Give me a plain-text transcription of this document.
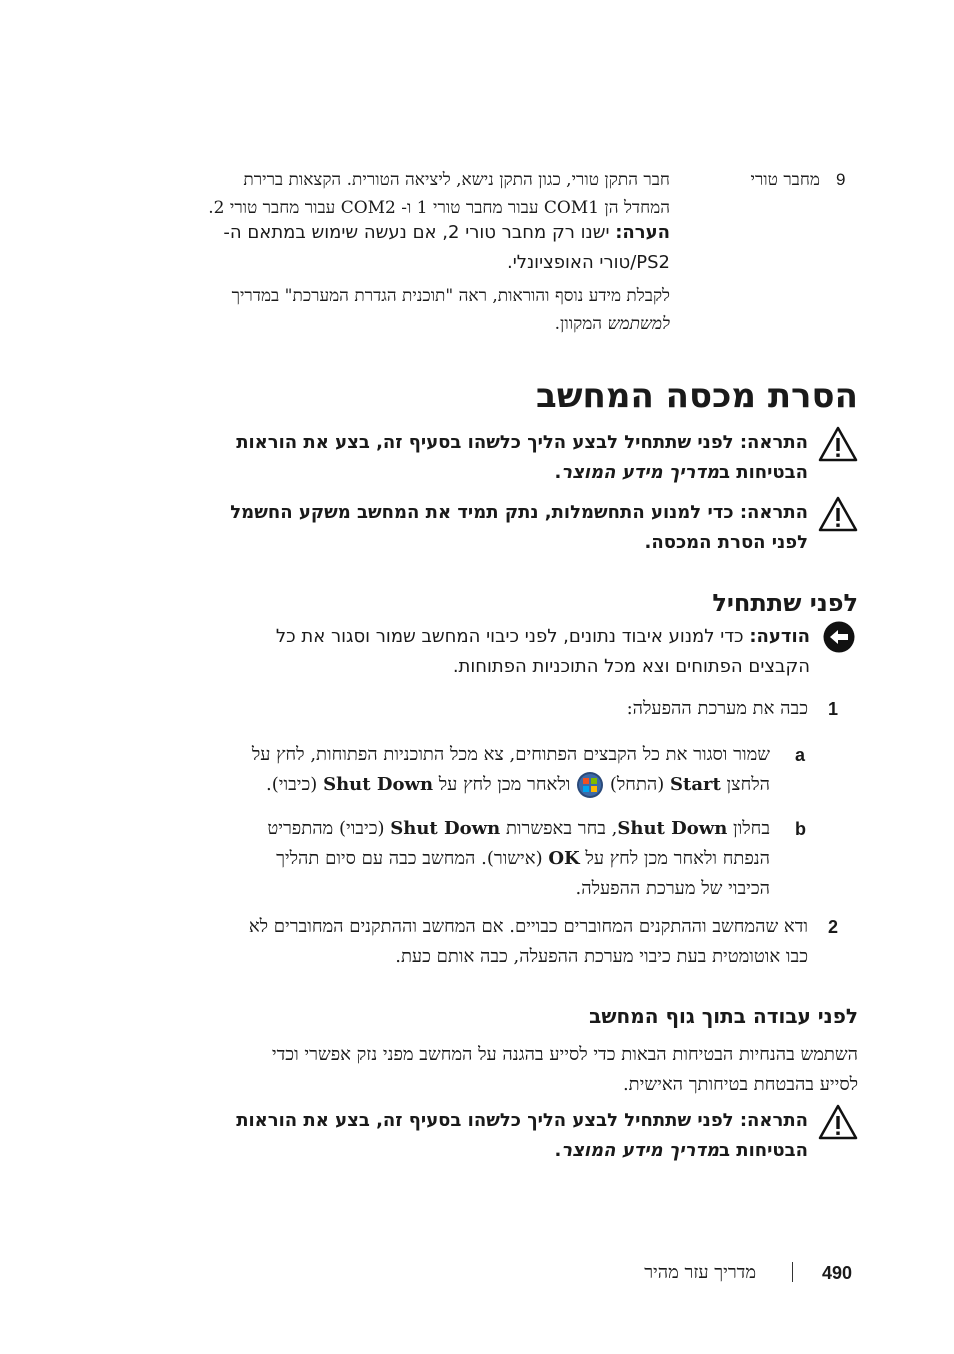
9
מחבר טורי
חבר התקן טורי, כגון התקן נישא, ליציאה הטורית. הקצאות ברירת
המחדל הן COM1 עבור מחבר טורי 1 ו- COM2 עבור מחבר טורי 2.
הערה: ישנו רק מחבר טורי 2, אם נעשה שימוש במתאם ה-
PS2/טורי האופציונלי.
לקבלת מידע נוסף והוראות, ראה "תוכנית הגדרת המערכת" במדריך
למשתמש המקוון.
הסרת מכסה המחשב
התראה: לפני שתתחיל לבצע הליך כלשהו בסעיף זה, בצע את הוראות
הבטיחות במדריך מידע המוצר.
התראה: כדי למנוע התחשמלות, נתק תמיד את המחשב משקע החשמל
לפני הסרת המכסה.
לפני שתתחיל
הודעה: כדי למנוע איבוד נתונים, לפני כיבוי המחשב שמור וסגור את כל
הקבצים הפתוחים וצא מכל התוכניות הפתוחות.
1
כבה את מערכת ההפעלה:
a
שמור וסגור את כל הקבצים הפתוחים, צא מכל התוכניות הפתוחות, לחץ על
הלחצן Start (התחל)  ולאחר מכן לחץ על Shut Down (כיבוי).
b
בחלון Shut Down, בחר באפשרות Shut Down (כיבוי) מהתפריט
הנפתח ולאחר מכן לחץ על OK (אישור). המחשב כבה עם סיום תהליך
הכיבוי של מערכת ההפעלה.
2
ודא שהמחשב וההתקנים המחוברים כבויים. אם המחשב וההתקנים המחוברים לא
כבו אוטומטית בעת כיבוי מערכת ההפעלה, כבה אותם כעת.
לפני עבודה בתוך גוף המחשב
השתמש בהנחיות הבטיחות הבאות כדי לסייע בהגנה על המחשב מפני נזק אפשרי וכדי
לסייע בהבטחת בטיחותך האישית.
התראה: לפני שתתחיל לבצע הליך כלשהו בסעיף זה, בצע את הוראות
הבטיחות במדריך מידע המוצר.
490
מדריך עזר מהיר
